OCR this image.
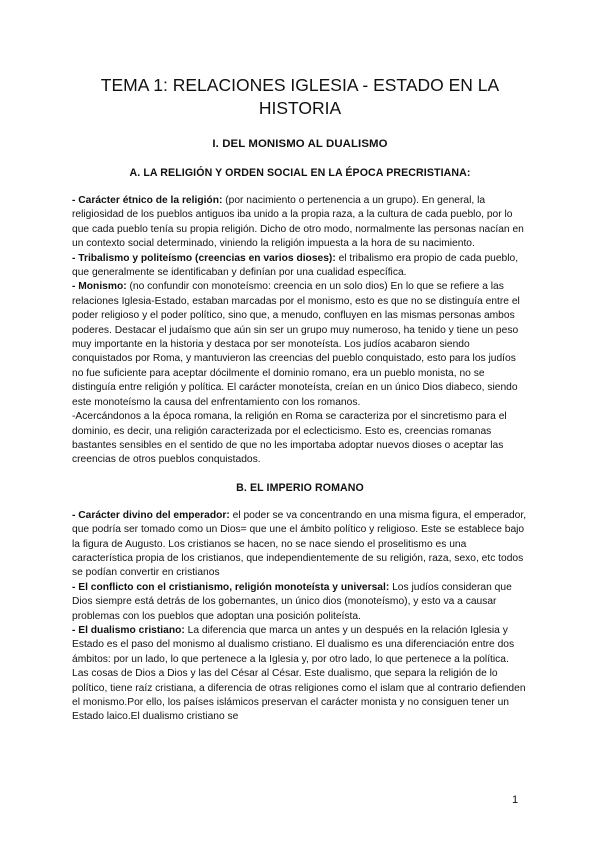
TEMA 1: RELACIONES IGLESIA - ESTADO EN LA HISTORIA
I. DEL MONISMO AL DUALISMO
A. LA RELIGIÓN Y ORDEN SOCIAL EN LA ÉPOCA PRECRISTIANA:

- Carácter étnico de la religión: (por nacimiento o pertenencia a un grupo). En general, la religiosidad de los pueblos antiguos iba unido a la propia raza, a la cultura de cada pueblo, por lo que cada pueblo tenía su propia religión. Dicho de otro modo, normalmente las personas nacían en un contexto social determinado, viniendo la religión impuesta a la hora de su nacimiento.

- Tribalismo y politeísmo (creencias en varios dioses): el tribalismo era propio de cada pueblo, que generalmente se identificaban y definían por una cualidad específica.

- Monismo: (no confundir con monoteísmo: creencia en un solo dios) En lo que se refiere a las relaciones Iglesia-Estado, estaban marcadas por el monismo, esto es que no se distinguía entre el poder religioso y el poder político, sino que, a menudo, confluyen en las mismas personas ambos poderes. Destacar el judaísmo que aún sin ser un grupo muy numeroso, ha tenido y tiene un peso muy importante en la historia y destaca por ser monoteísta. Los judíos acabaron siendo conquistados por Roma, y mantuvieron las creencias del pueblo conquistado, esto para los judíos no fue suficiente para aceptar dócilmente el dominio romano, era un pueblo monista, no se distinguía entre religión y política. El carácter monoteísta, creían en un único Dios diabeco, siendo este monoteísmo la causa del enfrentamiento con los romanos.

-Acercándonos a la época romana, la religión en Roma se caracteriza por el sincretismo para el dominio, es decir, una religión caracterizada por el eclecticismo. Esto es, creencias romanas bastantes sensibles en el sentido de que no les importaba adoptar nuevos dioses o aceptar las creencias de otros pueblos conquistados.

B. EL IMPERIO ROMANO

- Carácter divino del emperador: el poder se va concentrando en una misma figura, el emperador, que podría ser tomado como un Dios= que une el ámbito político y religioso. Este se establece bajo la figura de Augusto. Los cristianos se hacen, no se nace siendo el proselitismo es una característica propia de los cristianos, que independientemente de su religión, raza, sexo, etc todos se podían convertir en cristianos

- El conflicto con el cristianismo, religión monoteísta y universal: Los judíos consideran que Dios siempre está detrás de los gobernantes, un único dios (monoteísmo), y esto va a causar problemas con los pueblos que adoptan una posición politeísta.

- El dualismo cristiano: La diferencia que marca un antes y un después en la relación Iglesia y Estado es el paso del monismo al dualismo cristiano. El dualismo es una diferenciación entre dos ámbitos: por un lado, lo que pertenece a la Iglesia y, por otro lado, lo que pertenece a la política. Las cosas de Dios a Dios y las del César al César. Este dualismo, que separa la religión de lo político, tiene raíz cristiana, a diferencia de otras religiones como el islam que al contrario defienden el monismo.Por ello, los países islámicos preservan el carácter monista y no consiguen tener un Estado laico.El dualismo cristiano se

1
